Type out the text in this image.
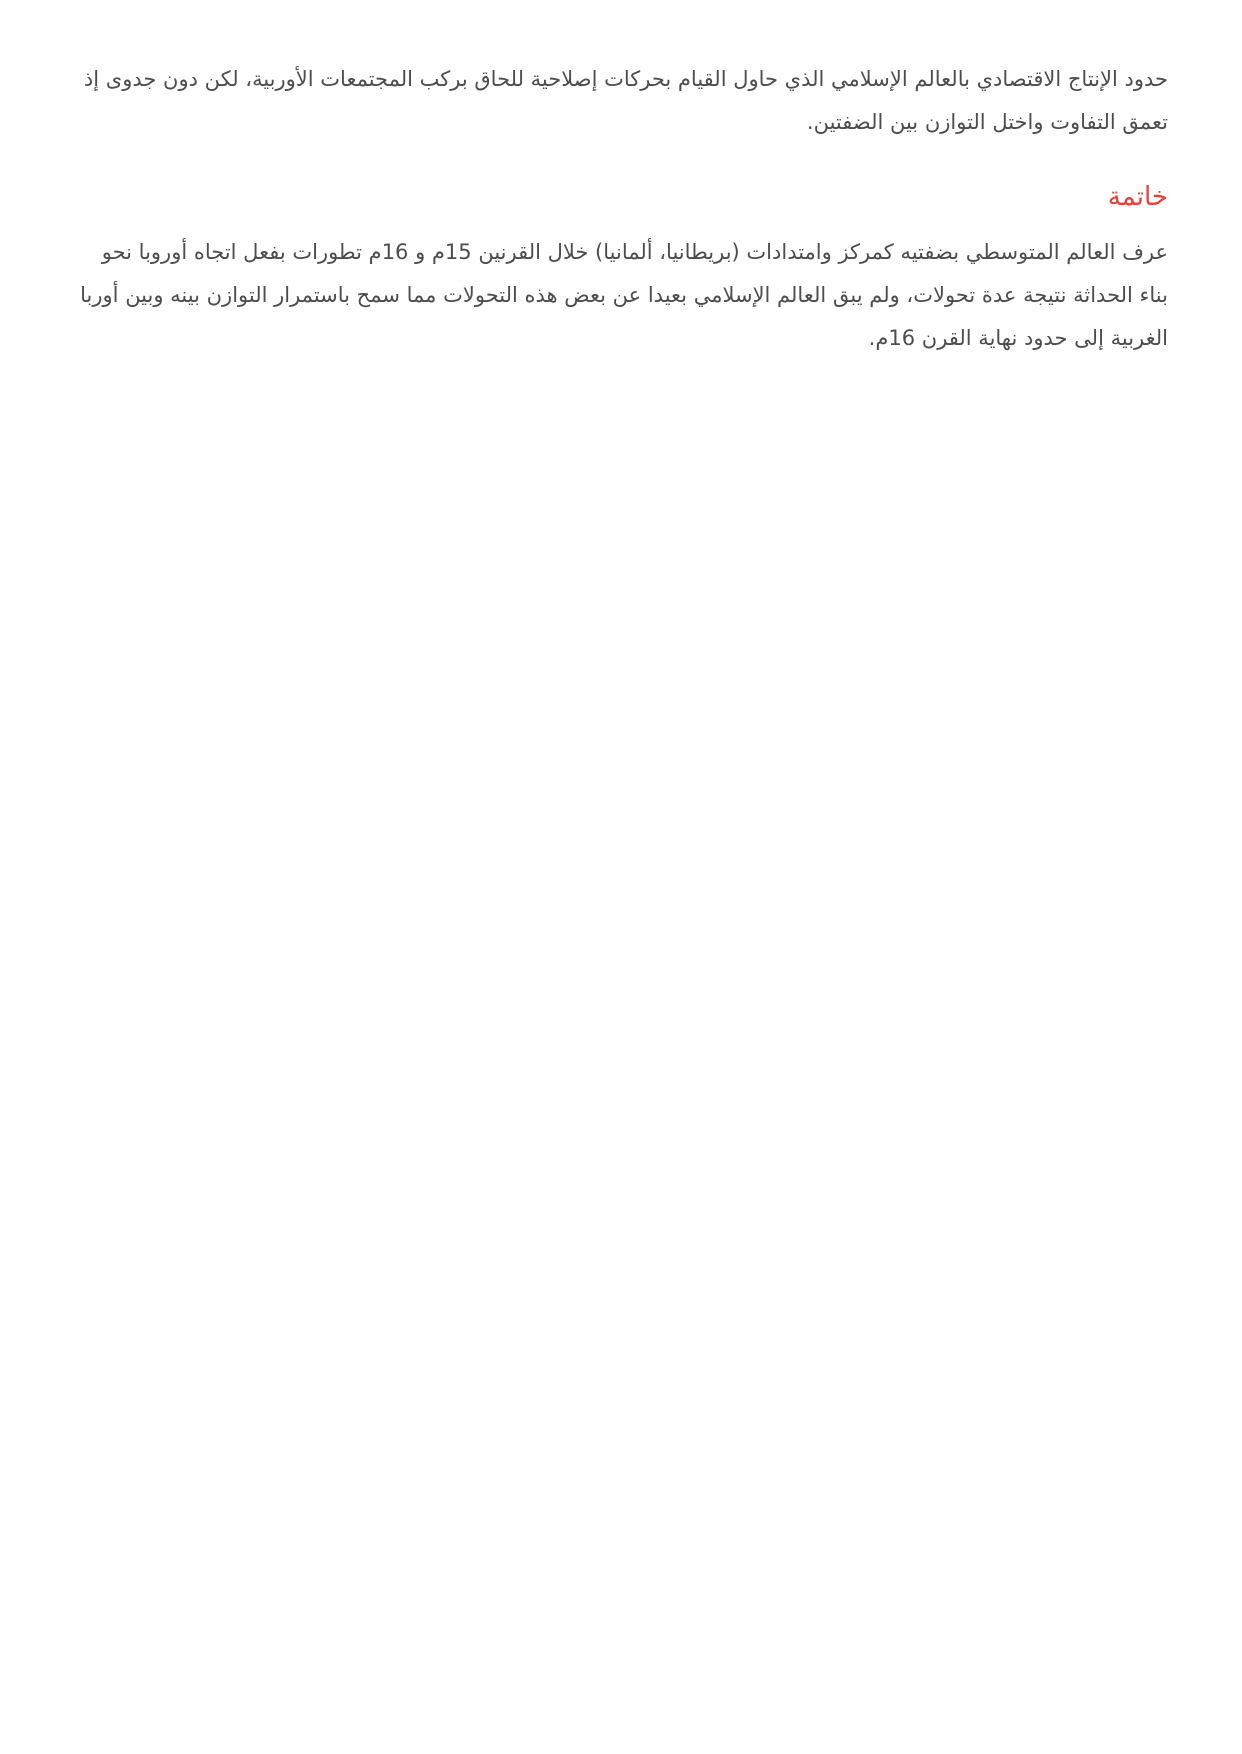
حدود الإنتاج الاقتصادي بالعالم الإسلامي الذي حاول القيام بحركات إصلاحية للحاق بركب المجتمعات الأوربية، لكن دون جدوى إذ تعمق التفاوت واختل التوازن بين الضفتين.

خاتمة

عرف العالم المتوسطي بضفتيه كمركز وامتدادات (بريطانيا، ألمانيا) خلال القرنين 15م و 16م تطورات بفعل اتجاه أوروبا نحو بناء الحداثة نتيجة عدة تحولات، ولم يبق العالم الإسلامي بعيدا عن بعض هذه التحولات مما سمح باستمرار التوازن بينه وبين أوربا الغربية إلى حدود نهاية القرن 16م.
